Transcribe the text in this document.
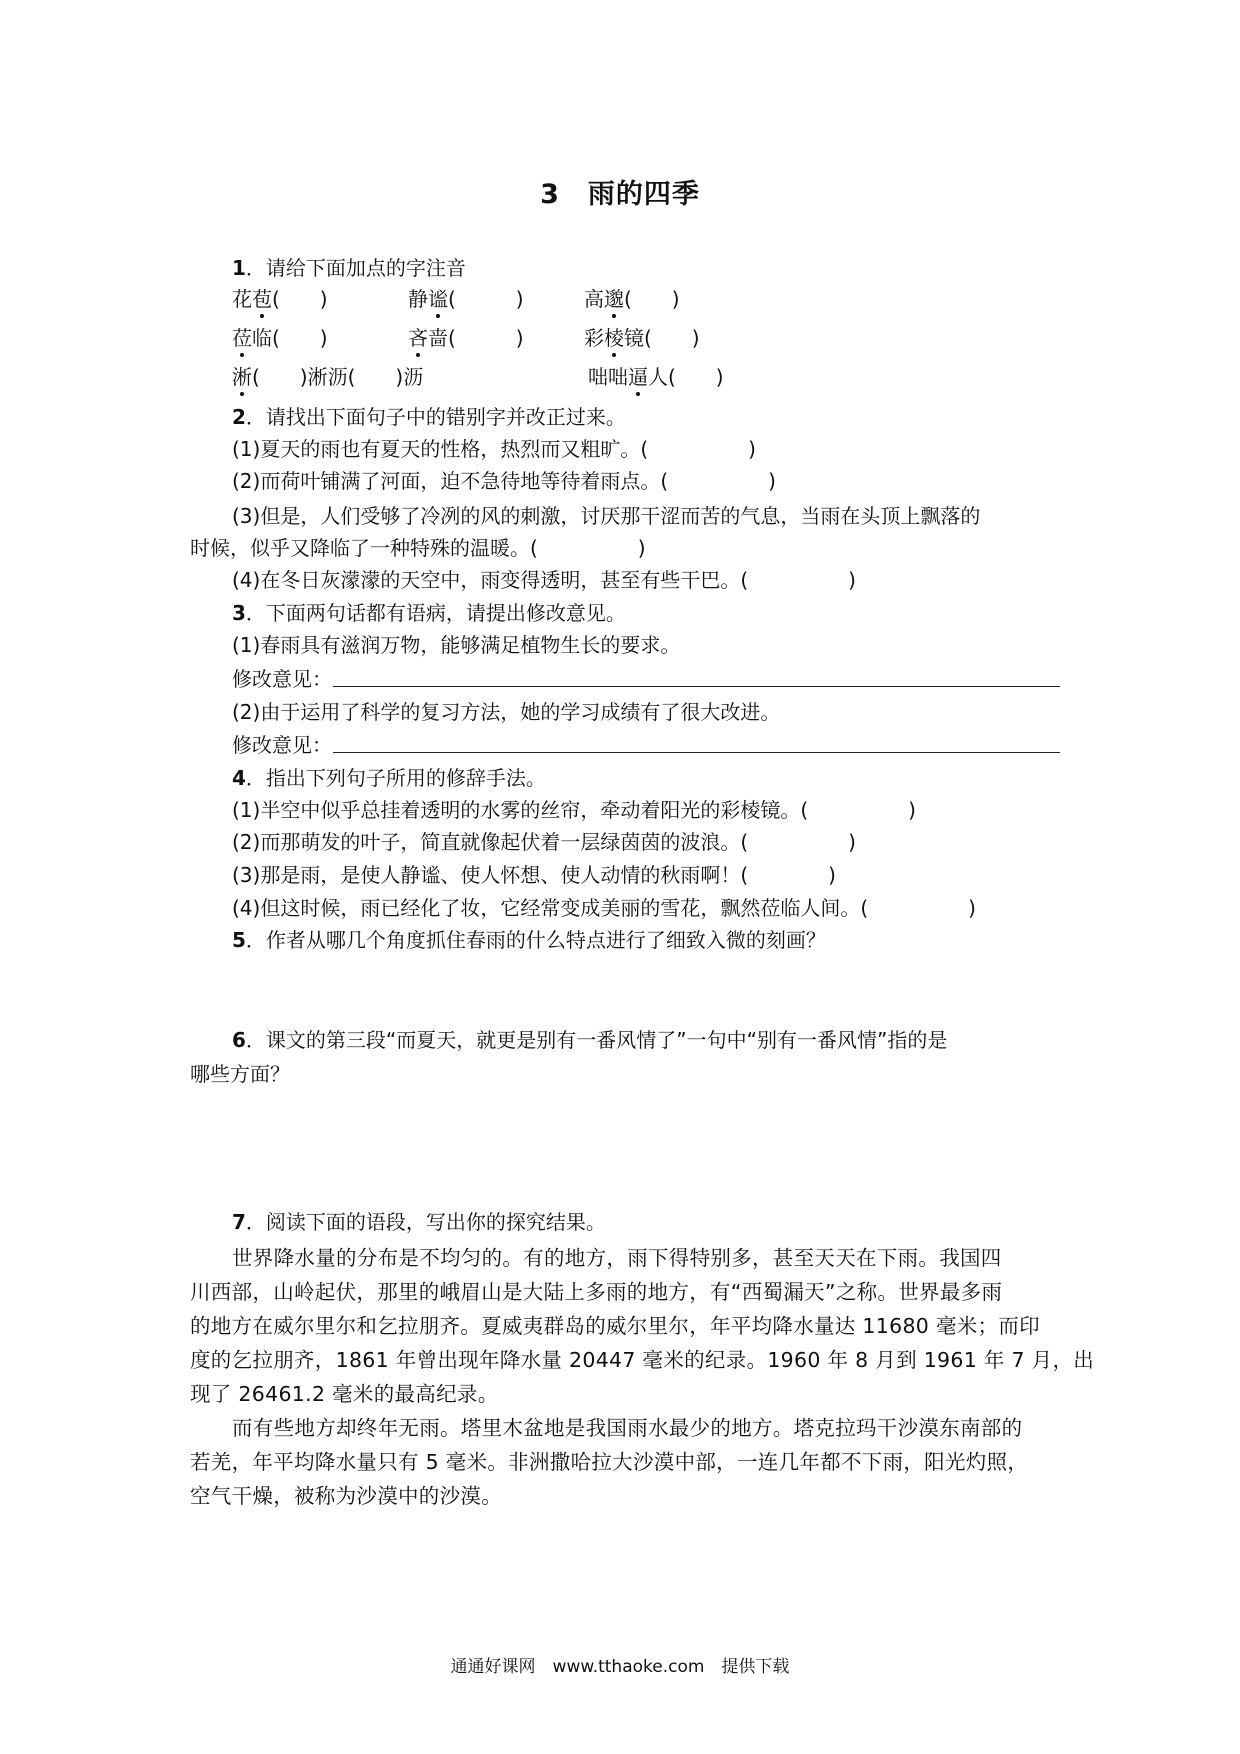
3　雨的四季
1．请给下面加点的字注音
花苞(　　)	静谧(　　　)	高邈(　　)
莅临(　　)	吝啬(　　　)	彩棱镜(　　)
淅(　　)淅沥(　　)沥	咄咄逼人(　　)
2．请找出下面句子中的错别字并改正过来。
(1)夏天的雨也有夏天的性格，热烈而又粗旷。(　　　　　)
(2)而荷叶铺满了河面，迫不急待地等待着雨点。(　　　　　)
(3)但是，人们受够了冷冽的风的刺激，讨厌那干涩而苦的气息，当雨在头顶上飘落的
时候，似乎又降临了一种特殊的温暖。(　　　　　)
(4)在冬日灰濛濛的天空中，雨变得透明，甚至有些干巴。(　　　　　)
3．下面两句话都有语病，请提出修改意见。
(1)春雨具有滋润万物，能够满足植物生长的要求。
修改意见：
(2)由于运用了科学的复习方法，她的学习成绩有了很大改进。
修改意见：
4．指出下列句子所用的修辞手法。
(1)半空中似乎总挂着透明的水雾的丝帘，牵动着阳光的彩棱镜。(　　　　　)
(2)而那萌发的叶子，简直就像起伏着一层绿茵茵的波浪。(　　　　　)
(3)那是雨，是使人静谧、使人怀想、使人动情的秋雨啊！(　　　　)
(4)但这时候，雨已经化了妆，它经常变成美丽的雪花，飘然莅临人间。(　　　　　)
5．作者从哪几个角度抓住春雨的什么特点进行了细致入微的刻画？
6．课文的第三段“而夏天，就更是别有一番风情了”一句中“别有一番风情”指的是
哪些方面？
7．阅读下面的语段，写出你的探究结果。
世界降水量的分布是不均匀的。有的地方，雨下得特别多，甚至天天在下雨。我国四
川西部，山岭起伏，那里的峨眉山是大陆上多雨的地方，有“西蜀漏天”之称。世界最多雨
的地方在威尔里尔和乞拉朋齐。夏威夷群岛的威尔里尔，年平均降水量达 11680 毫米；而印
度的乞拉朋齐，1861 年曾出现年降水量 20447 毫米的纪录。1960 年 8 月到 1961 年 7 月，出
现了 26461.2 毫米的最高纪录。
而有些地方却终年无雨。塔里木盆地是我国雨水最少的地方。塔克拉玛干沙漠东南部的
若羌，年平均降水量只有 5 毫米。非洲撒哈拉大沙漠中部，一连几年都不下雨，阳光灼照，
空气干燥，被称为沙漠中的沙漠。
通通好课网　www.tthaoke.com　提供下载
